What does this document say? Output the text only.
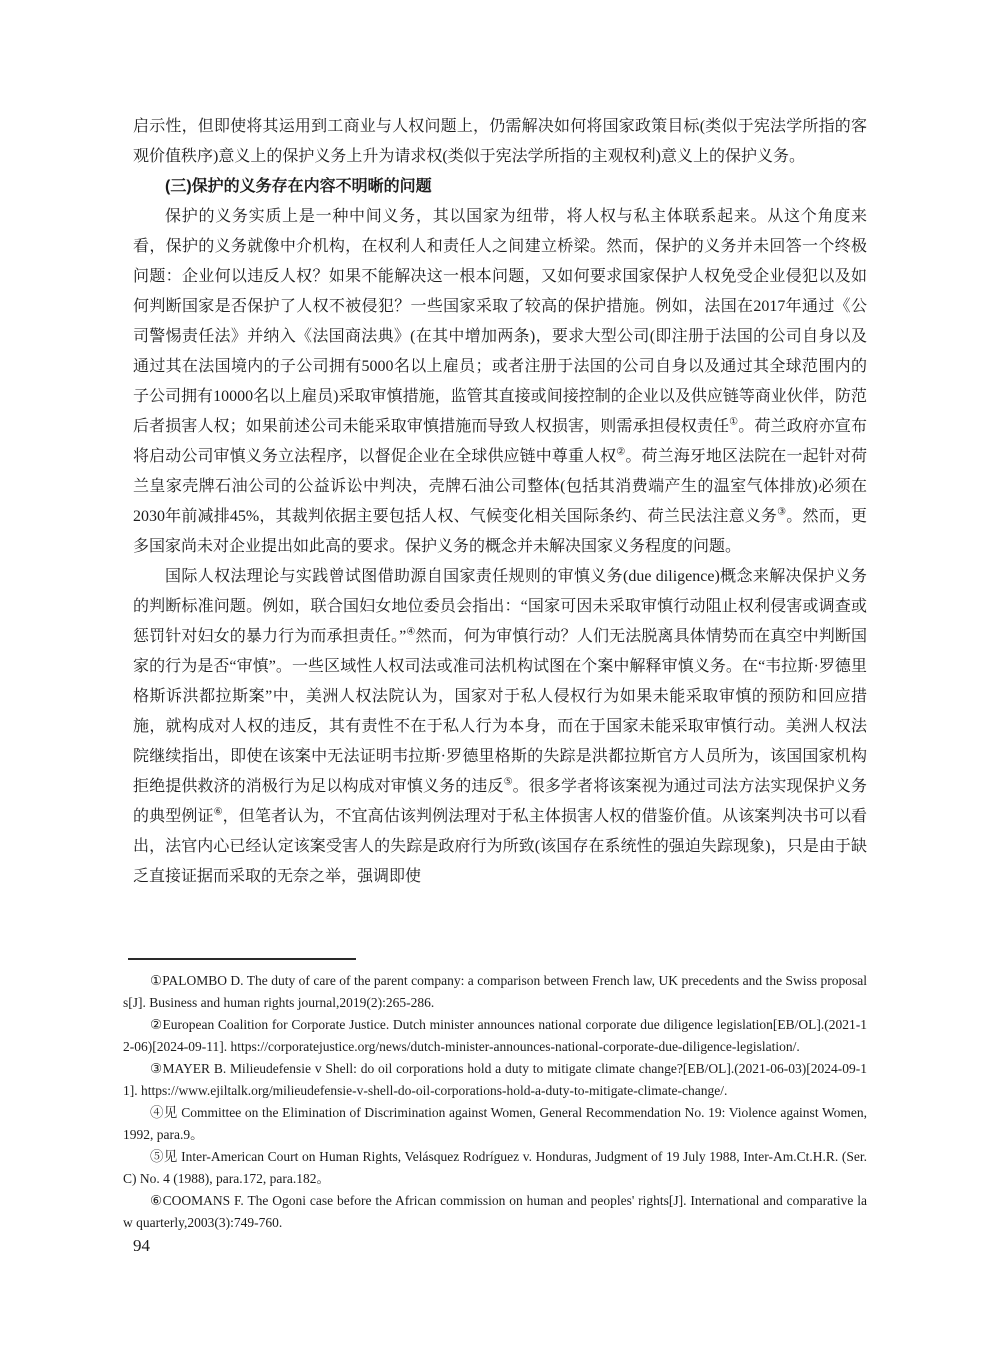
启示性，但即使将其运用到工商业与人权问题上，仍需解决如何将国家政策目标(类似于宪法学所指的客观价值秩序)意义上的保护义务上升为请求权(类似于宪法学所指的主观权利)意义上的保护义务。

(三)保护的义务存在内容不明晰的问题

保护的义务实质上是一种中间义务，其以国家为纽带，将人权与私主体联系起来。从这个角度来看，保护的义务就像中介机构，在权利人和责任人之间建立桥梁。然而，保护的义务并未回答一个终极问题：企业何以违反人权？如果不能解决这一根本问题，又如何要求国家保护人权免受企业侵犯以及如何判断国家是否保护了人权不被侵犯？一些国家采取了较高的保护措施。例如，法国在2017年通过《公司警惕责任法》并纳入《法国商法典》(在其中增加两条)，要求大型公司(即注册于法国的公司自身以及通过其在法国境内的子公司拥有5000名以上雇员；或者注册于法国的公司自身以及通过其全球范围内的子公司拥有10000名以上雇员)采取审慎措施，监管其直接或间接控制的企业以及供应链等商业伙伴，防范后者损害人权；如果前述公司未能采取审慎措施而导致人权损害，则需承担侵权责任①。荷兰政府亦宣布将启动公司审慎义务立法程序，以督促企业在全球供应链中尊重人权②。荷兰海牙地区法院在一起针对荷兰皇家壳牌石油公司的公益诉讼中判决，壳牌石油公司整体(包括其消费端产生的温室气体排放)必须在2030年前减排45%，其裁判依据主要包括人权、气候变化相关国际条约、荷兰民法注意义务③。然而，更多国家尚未对企业提出如此高的要求。保护义务的概念并未解决国家义务程度的问题。

国际人权法理论与实践曾试图借助源自国家责任规则的审慎义务(due diligence)概念来解决保护义务的判断标准问题。例如，联合国妇女地位委员会指出：“国家可因未采取审慎行动阻止权利侵害或调查或惩罚针对妇女的暴力行为而承担责任。”④然而，何为审慎行动？人们无法脱离具体情势而在真空中判断国家的行为是否“审慎”。一些区域性人权司法或准司法机构试图在个案中解释审慎义务。在“韦拉斯·罗德里格斯诉洪都拉斯案”中，美洲人权法院认为，国家对于私人侵权行为如果未能采取审慎的预防和回应措施，就构成对人权的违反，其有责性不在于私人行为本身，而在于国家未能采取审慎行动。美洲人权法院继续指出，即使在该案中无法证明韦拉斯·罗德里格斯的失踪是洪都拉斯官方人员所为，该国国家机构拒绝提供救济的消极行为足以构成对审慎义务的违反⑤。很多学者将该案视为通过司法方法实现保护义务的典型例证⑥，但笔者认为，不宜高估该判例法理对于私主体损害人权的借鉴价值。从该案判决书可以看出，法官内心已经认定该案受害人的失踪是政府行为所致(该国存在系统性的强迫失踪现象)，只是由于缺乏直接证据而采取的无奈之举，强调即使

①PALOMBO D. The duty of care of the parent company: a comparison between French law, UK precedents and the Swiss proposals[J]. Business and human rights journal,2019(2):265-286.

②European Coalition for Corporate Justice. Dutch minister announces national corporate due diligence legislation[EB/OL].(2021-12-06)[2024-09-11]. https://corporatejustice.org/news/dutch-minister-announces-national-corporate-due-diligence-legislation/.

③MAYER B. Milieudefensie v Shell: do oil corporations hold a duty to mitigate climate change?[EB/OL].(2021-06-03)[2024-09-11]. https://www.ejiltalk.org/milieudefensie-v-shell-do-oil-corporations-hold-a-duty-to-mitigate-climate-change/.

④见 Committee on the Elimination of Discrimination against Women, General Recommendation No. 19: Violence against Women, 1992, para.9。

⑤见 Inter-American Court on Human Rights, Velásquez Rodríguez v. Honduras, Judgment of 19 July 1988, Inter-Am.Ct.H.R. (Ser. C) No. 4 (1988), para.172, para.182。

⑥COOMANS F. The Ogoni case before the African commission on human and peoples' rights[J]. International and comparative law quarterly,2003(3):749-760.

94
